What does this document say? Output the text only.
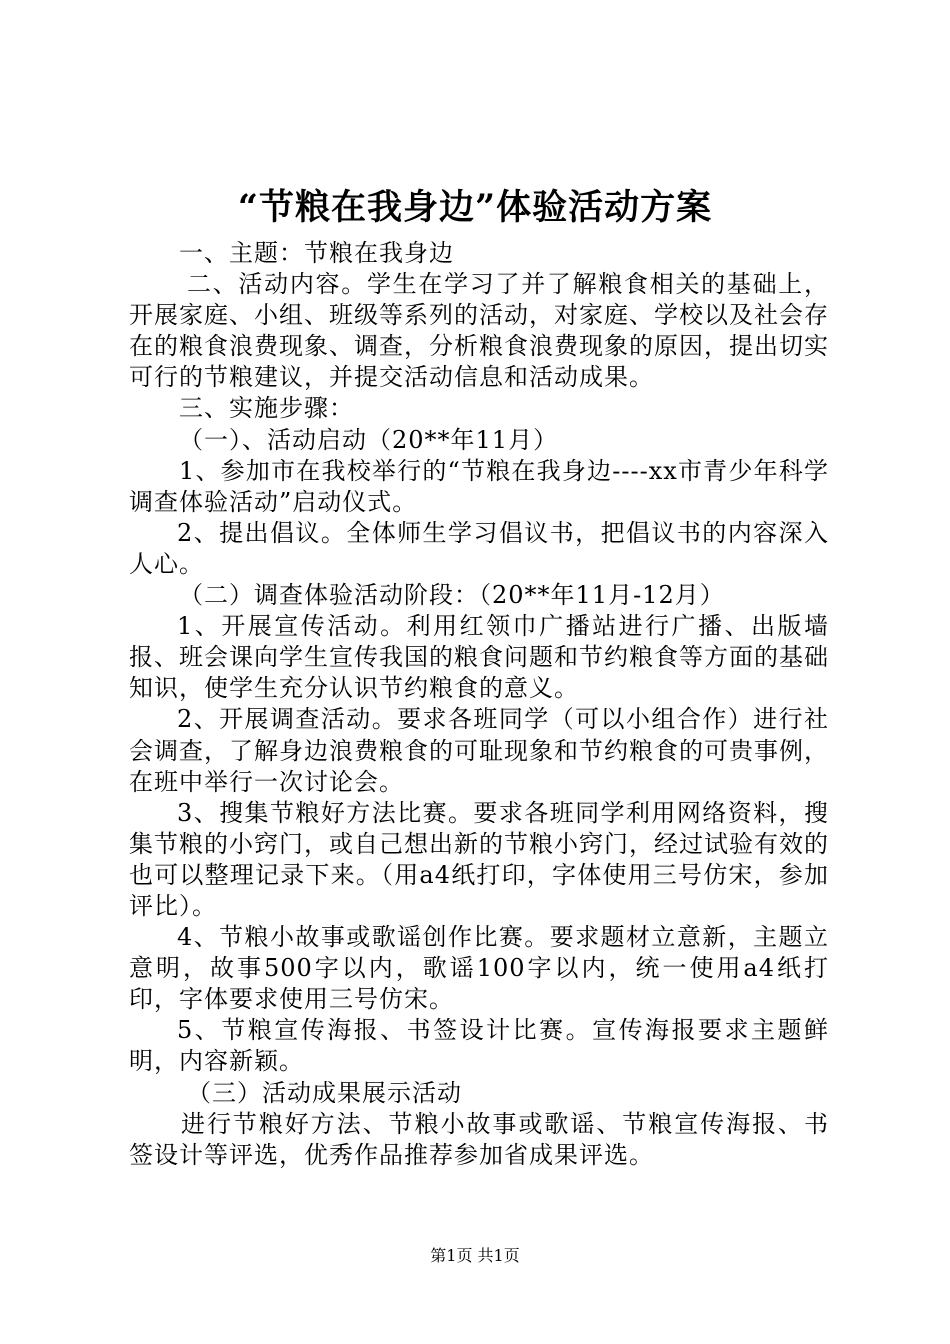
“节粮在我身边”体验活动方案

一、主题：节粮在我身边

二、活动内容。学生在学习了并了解粮食相关的基础上，开展家庭、小组、班级等系列的活动，对家庭、学校以及社会存在的粮食浪费现象、调查，分析粮食浪费现象的原因，提出切实可行的节粮建议，并提交活动信息和活动成果。

三、实施步骤：

（一）、活动启动（20**年11月）

1、参加市在我校举行的“节粮在我身边----xx市青少年科学调查体验活动”启动仪式。

2、提出倡议。全体师生学习倡议书，把倡议书的内容深入人心。

（二）调查体验活动阶段：（20**年11月-12月）

1、开展宣传活动。利用红领巾广播站进行广播、出版墙报、班会课向学生宣传我国的粮食问题和节约粮食等方面的基础知识，使学生充分认识节约粮食的意义。

2、开展调查活动。要求各班同学（可以小组合作）进行社会调查，了解身边浪费粮食的可耻现象和节约粮食的可贵事例，在班中举行一次讨论会。

3、搜集节粮好方法比赛。要求各班同学利用网络资料，搜集节粮的小窍门，或自己想出新的节粮小窍门，经过试验有效的也可以整理记录下来。（用a4纸打印，字体使用三号仿宋，参加评比）。

4、节粮小故事或歌谣创作比赛。要求题材立意新，主题立意明，故事500字以内，歌谣100字以内，统一使用a4纸打印，字体要求使用三号仿宋。

5、节粮宣传海报、书签设计比赛。宣传海报要求主题鲜明，内容新颖。

（三）活动成果展示活动

进行节粮好方法、节粮小故事或歌谣、节粮宣传海报、书签设计等评选，优秀作品推荐参加省成果评选。

第1页 共1页
